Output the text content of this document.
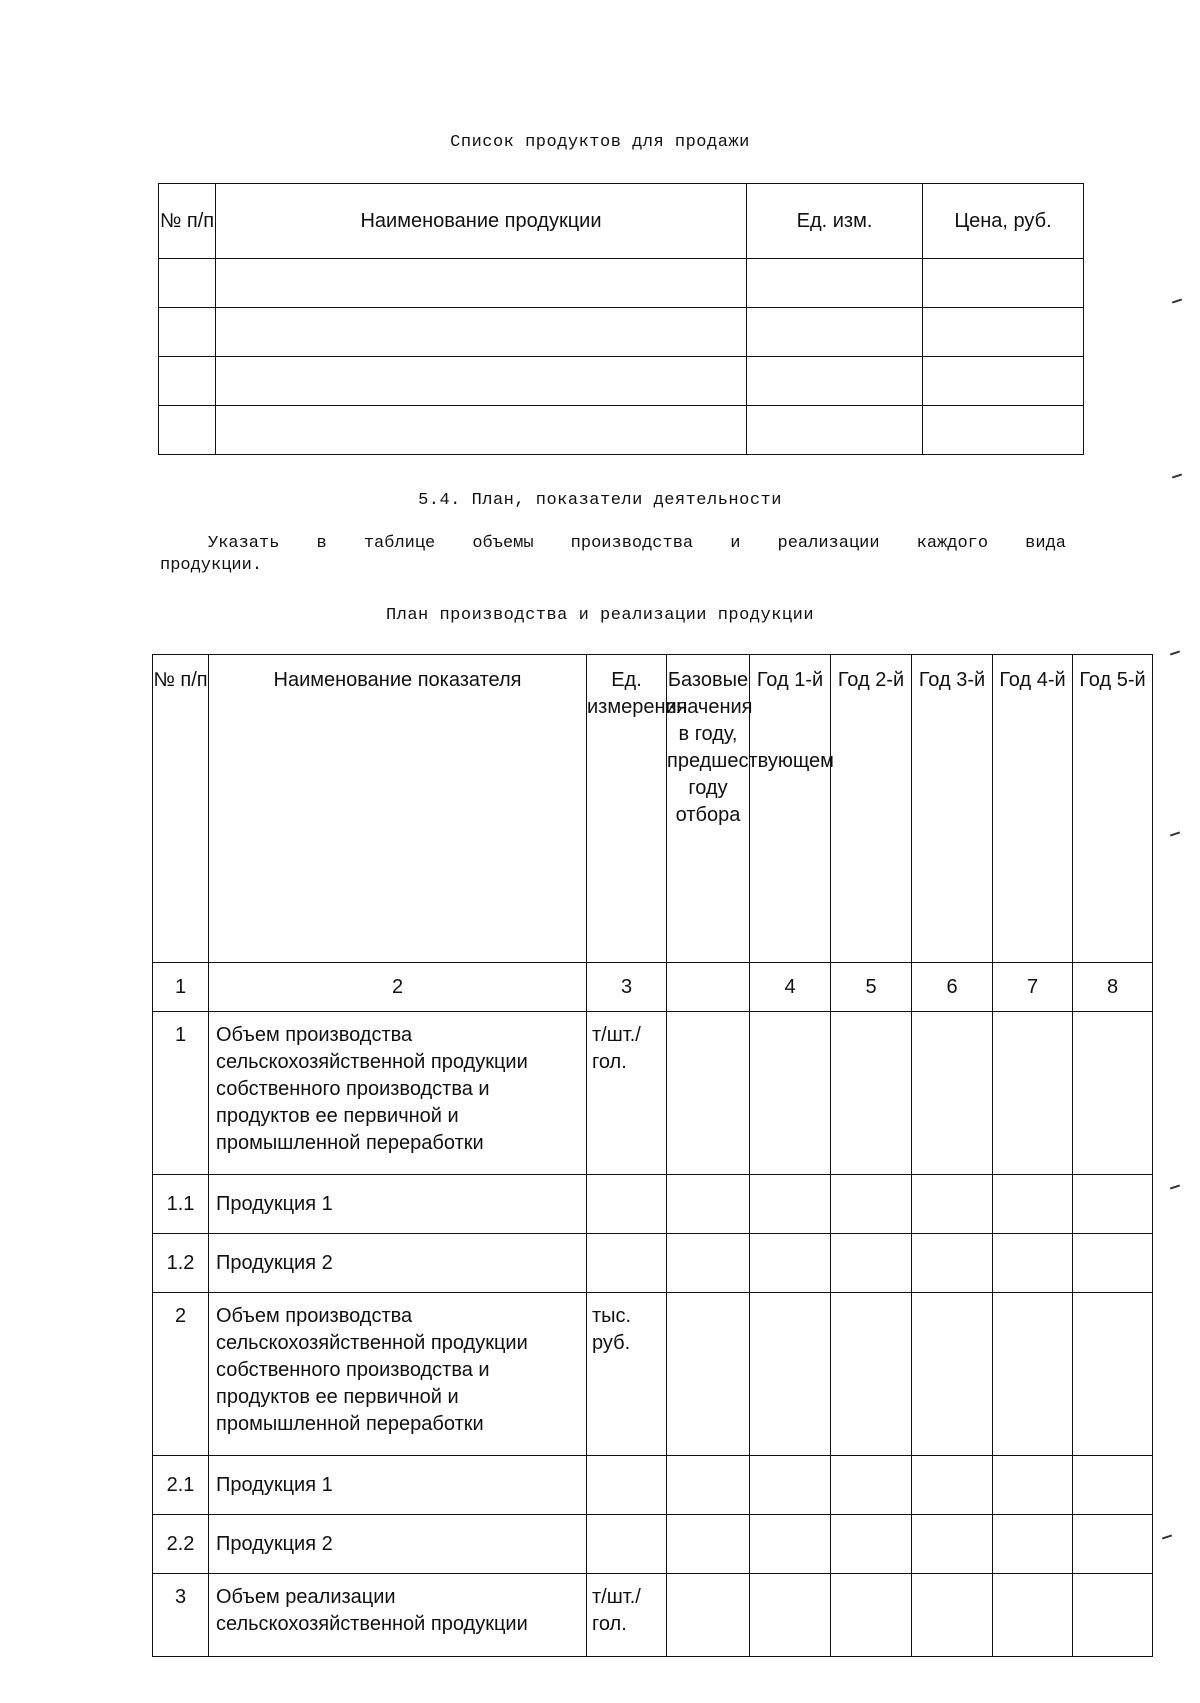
Список продуктов для продажи
№ п/п	Наименование продукции	Ед. изм.	Цена, руб.

5.4. План, показатели деятельности
Указать в таблице объемы производства и реализации каждого вида
продукции.
План производства и реализации продукции
№ п/п	Наименование показателя	Ед. измерения	Базовые значения в году, предшествующем году отбора	Год 1-й	Год 2-й	Год 3-й	Год 4-й	Год 5-й
1	2	3		4	5	6	7	8
1	Объем производства сельскохозяйственной продукции собственного производства и продуктов ее первичной и промышленной переработки	т/шт./гол.						
1.1	Продукция 1							
1.2	Продукция 2							
2	Объем производства сельскохозяйственной продукции собственного производства и продуктов ее первичной и промышленной переработки	тыс. руб.						
2.1	Продукция 1							
2.2	Продукция 2							
3	Объем реализации сельскохозяйственной продукции	т/шт./гол.						
